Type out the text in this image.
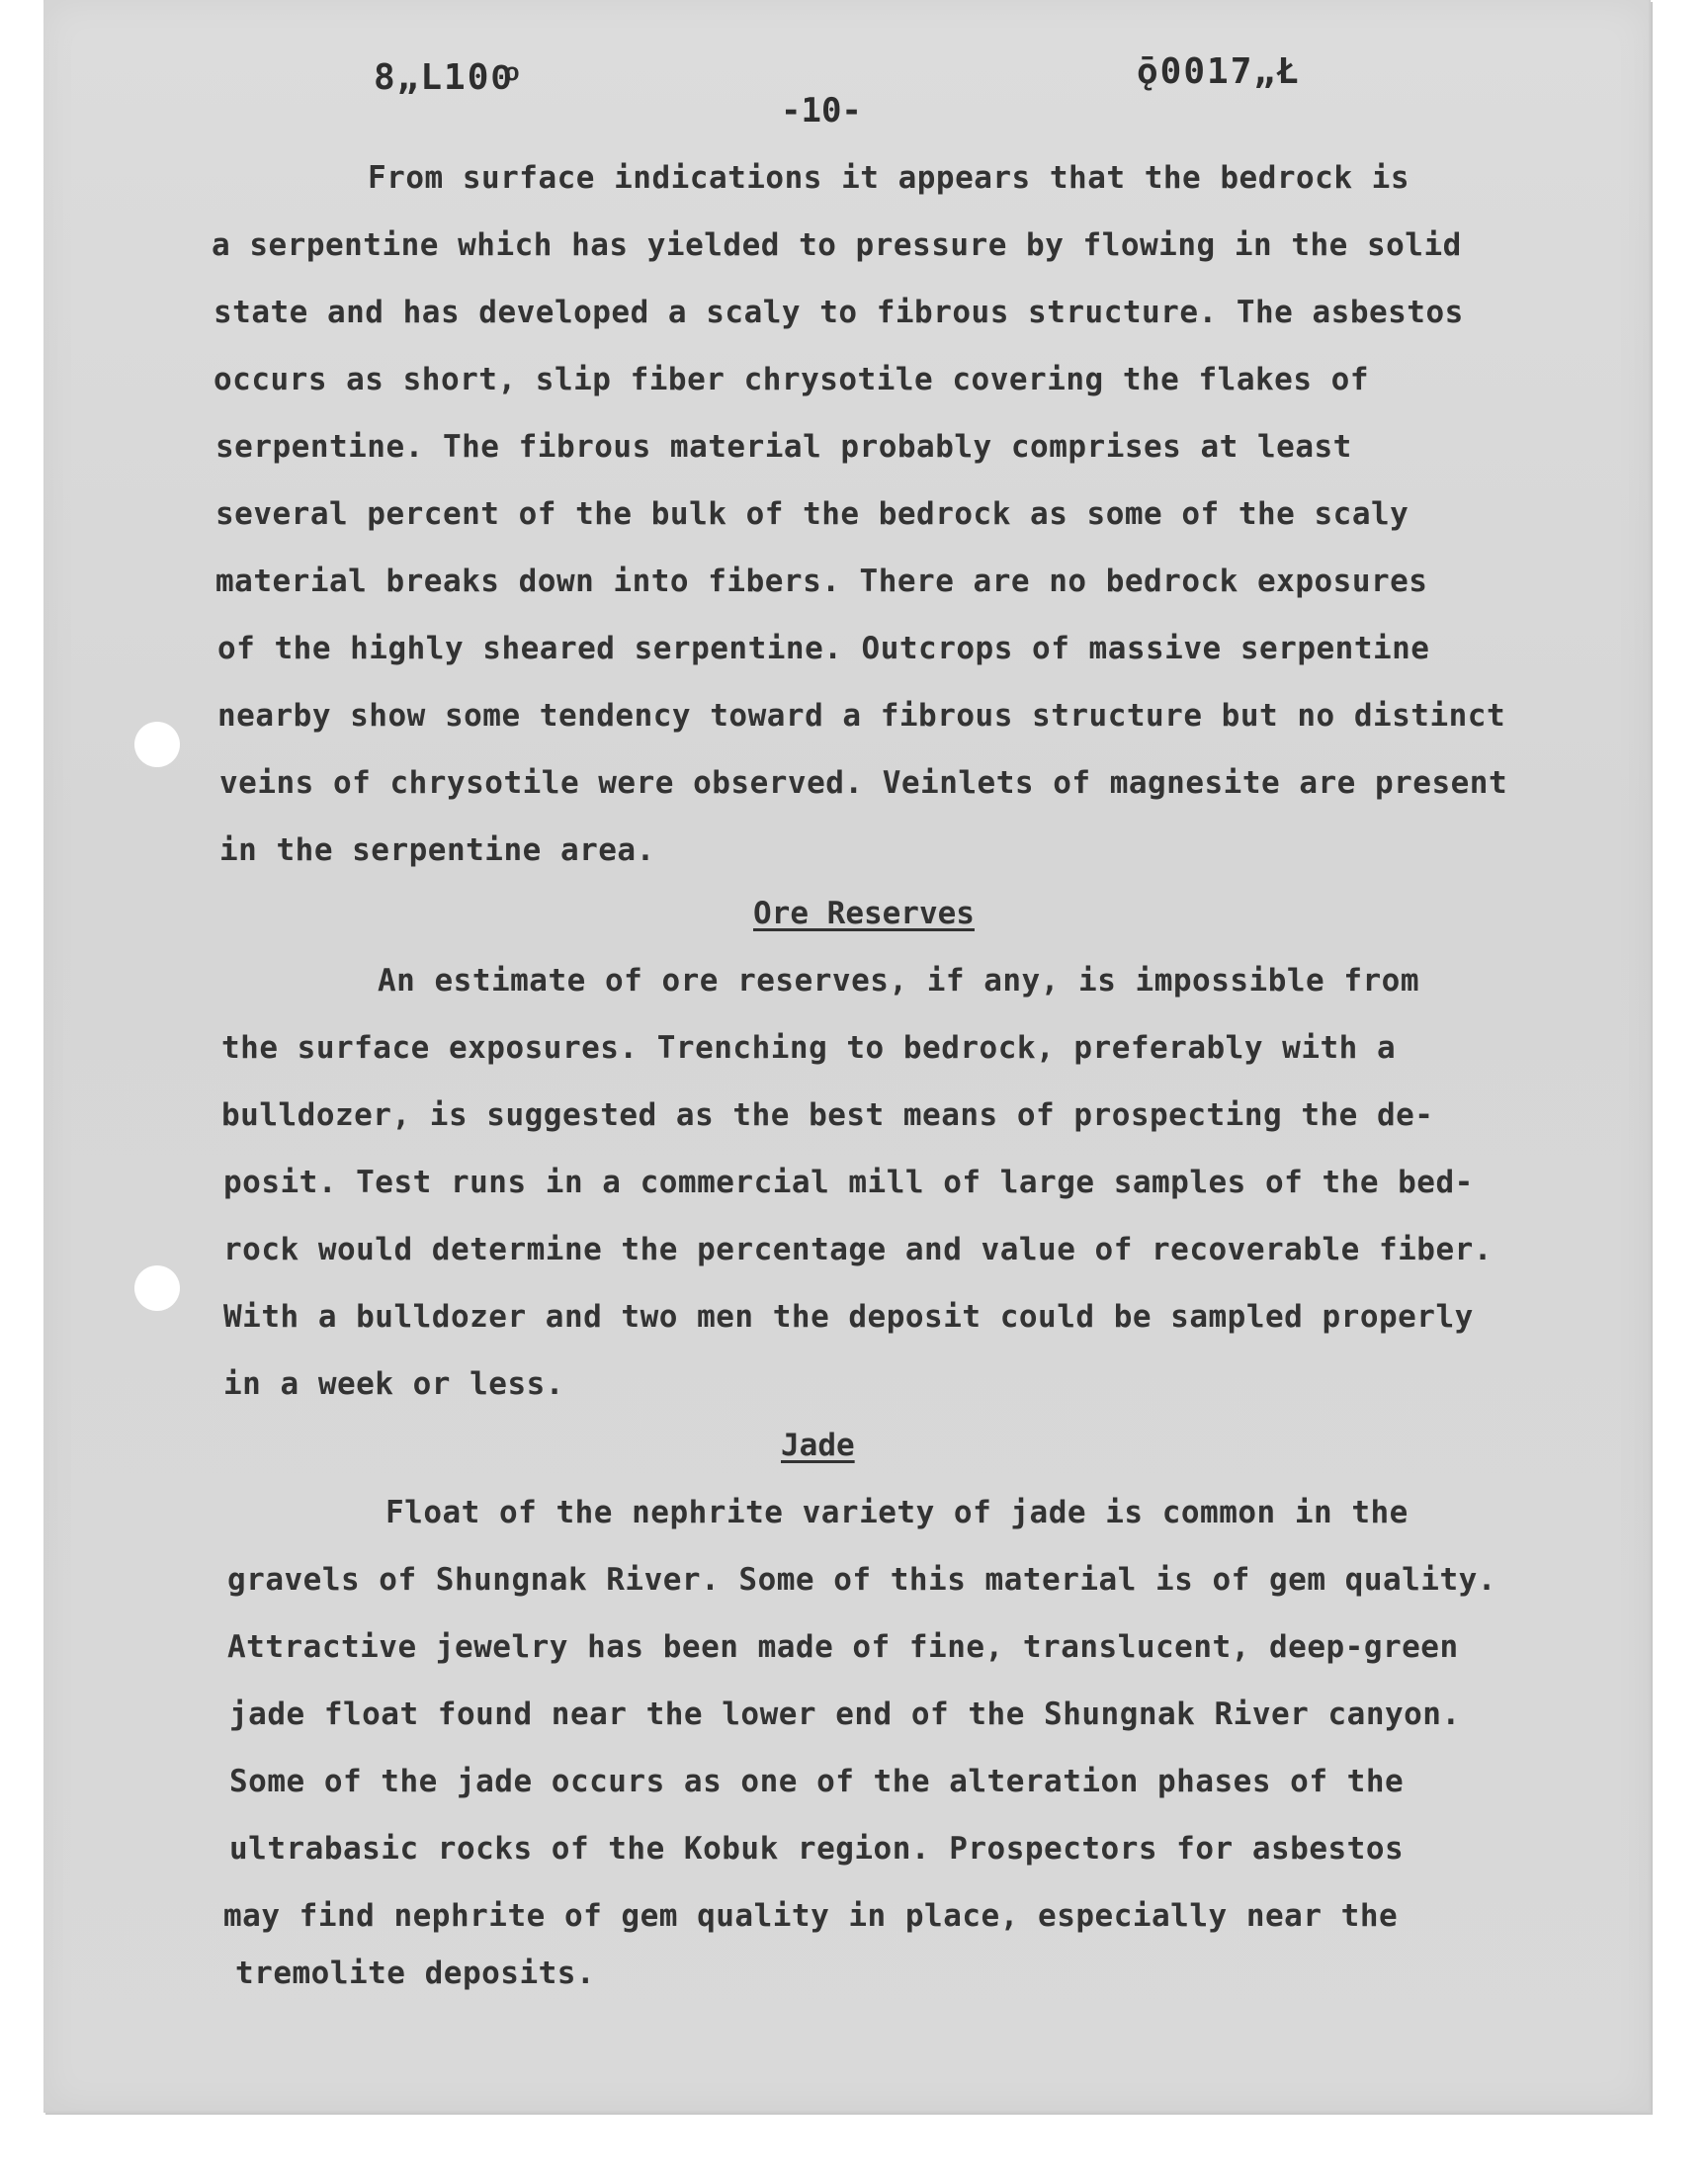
8„L100ͦ
-10-
ǭ0017„Ł
From surface indications it appears that the bedrock is
a serpentine which has yielded to pressure by flowing in the solid
state and has developed a scaly to fibrous structure. The asbestos
occurs as short, slip fiber chrysotile covering the flakes of
serpentine. The fibrous material probably comprises at least
several percent of the bulk of the bedrock as some of the scaly
material breaks down into fibers. There are no bedrock exposures
of the highly sheared serpentine. Outcrops of massive serpentine
nearby show some tendency toward a fibrous structure but no distinct
veins of chrysotile were observed. Veinlets of magnesite are present
in the serpentine area.
Ore Reserves
An estimate of ore reserves, if any, is impossible from
the surface exposures. Trenching to bedrock, preferably with a
bulldozer, is suggested as the best means of prospecting the de-
posit. Test runs in a commercial mill of large samples of the bed-
rock would determine the percentage and value of recoverable fiber.
With a bulldozer and two men the deposit could be sampled properly
in a week or less.
Jade
Float of the nephrite variety of jade is common in the
gravels of Shungnak River. Some of this material is of gem quality.
Attractive jewelry has been made of fine, translucent, deep-green
jade float found near the lower end of the Shungnak River canyon.
Some of the jade occurs as one of the alteration phases of the
ultrabasic rocks of the Kobuk region. Prospectors for asbestos
may find nephrite of gem quality in place, especially near the
tremolite deposits.
